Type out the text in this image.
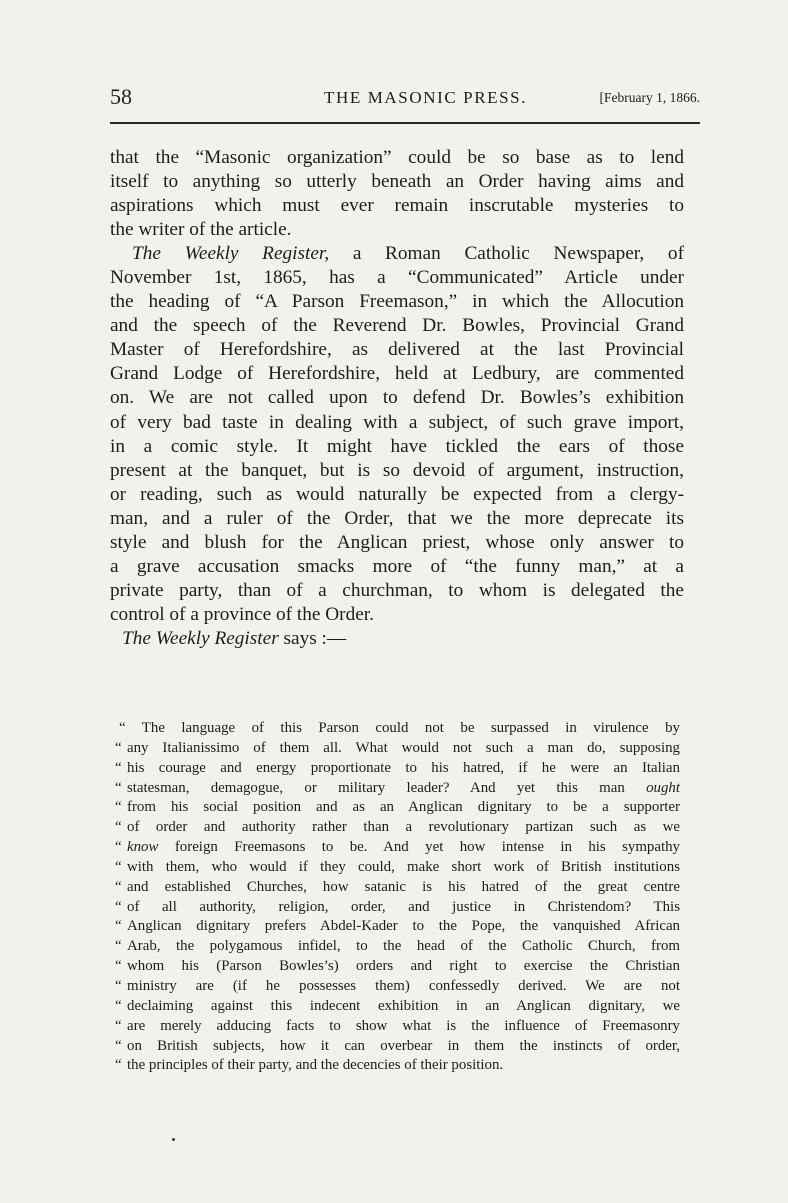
58	THE MASONIC PRESS.	[February 1, 1866.

that the “Masonic organization” could be so base as to lend

itself to anything so utterly beneath an Order having aims and

aspirations which must ever remain inscrutable mysteries to

the writer of the article.

The Weekly Register, a Roman Catholic Newspaper, of

November 1st, 1865, has a “Communicated” Article under

the heading of “A Parson Freemason,” in which the Allocution

and the speech of the Reverend Dr. Bowles, Provincial Grand

Master of Herefordshire, as delivered at the last Provincial

Grand Lodge of Herefordshire, held at Ledbury, are commented

on. We are not called upon to defend Dr. Bowles’s exhibition

of very bad taste in dealing with a subject, of such grave import,

in a comic style. It might have tickled the ears of those

present at the banquet, but is so devoid of argument, instruction,

or reading, such as would naturally be expected from a clergy-

man, and a ruler of the Order, that we the more deprecate its

style and blush for the Anglican priest, whose only answer to

a grave accusation smacks more of “the funny man,” at a

private party, than of a churchman, to whom is delegated the

control of a province of the Order.

The Weekly Register says :—

“ The language of this Parson could not be surpassed in virulence by

“ any Italianissimo of them all. What would not such a man do, supposing

“ his courage and energy proportionate to his hatred, if he were an Italian

“ statesman, demagogue, or military leader? And yet this man ought

“ from his social position and as an Anglican dignitary to be a supporter

“ of order and authority rather than a revolutionary partizan such as we

“ know foreign Freemasons to be. And yet how intense in his sympathy

“ with them, who would if they could, make short work of British institutions

“ and established Churches, how satanic is his hatred of the great centre

“ of all authority, religion, order, and justice in Christendom? This

“ Anglican dignitary prefers Abdel-Kader to the Pope, the vanquished African

“ Arab, the polygamous infidel, to the head of the Catholic Church, from

“ whom his (Parson Bowles’s) orders and right to exercise the Christian

“ ministry are (if he possesses them) confessedly derived. We are not

“ declaiming against this indecent exhibition in an Anglican dignitary, we

“ are merely adducing facts to show what is the influence of Freemasonry

“ on British subjects, how it can overbear in them the instincts of order,

“ the principles of their party, and the decencies of their position.
